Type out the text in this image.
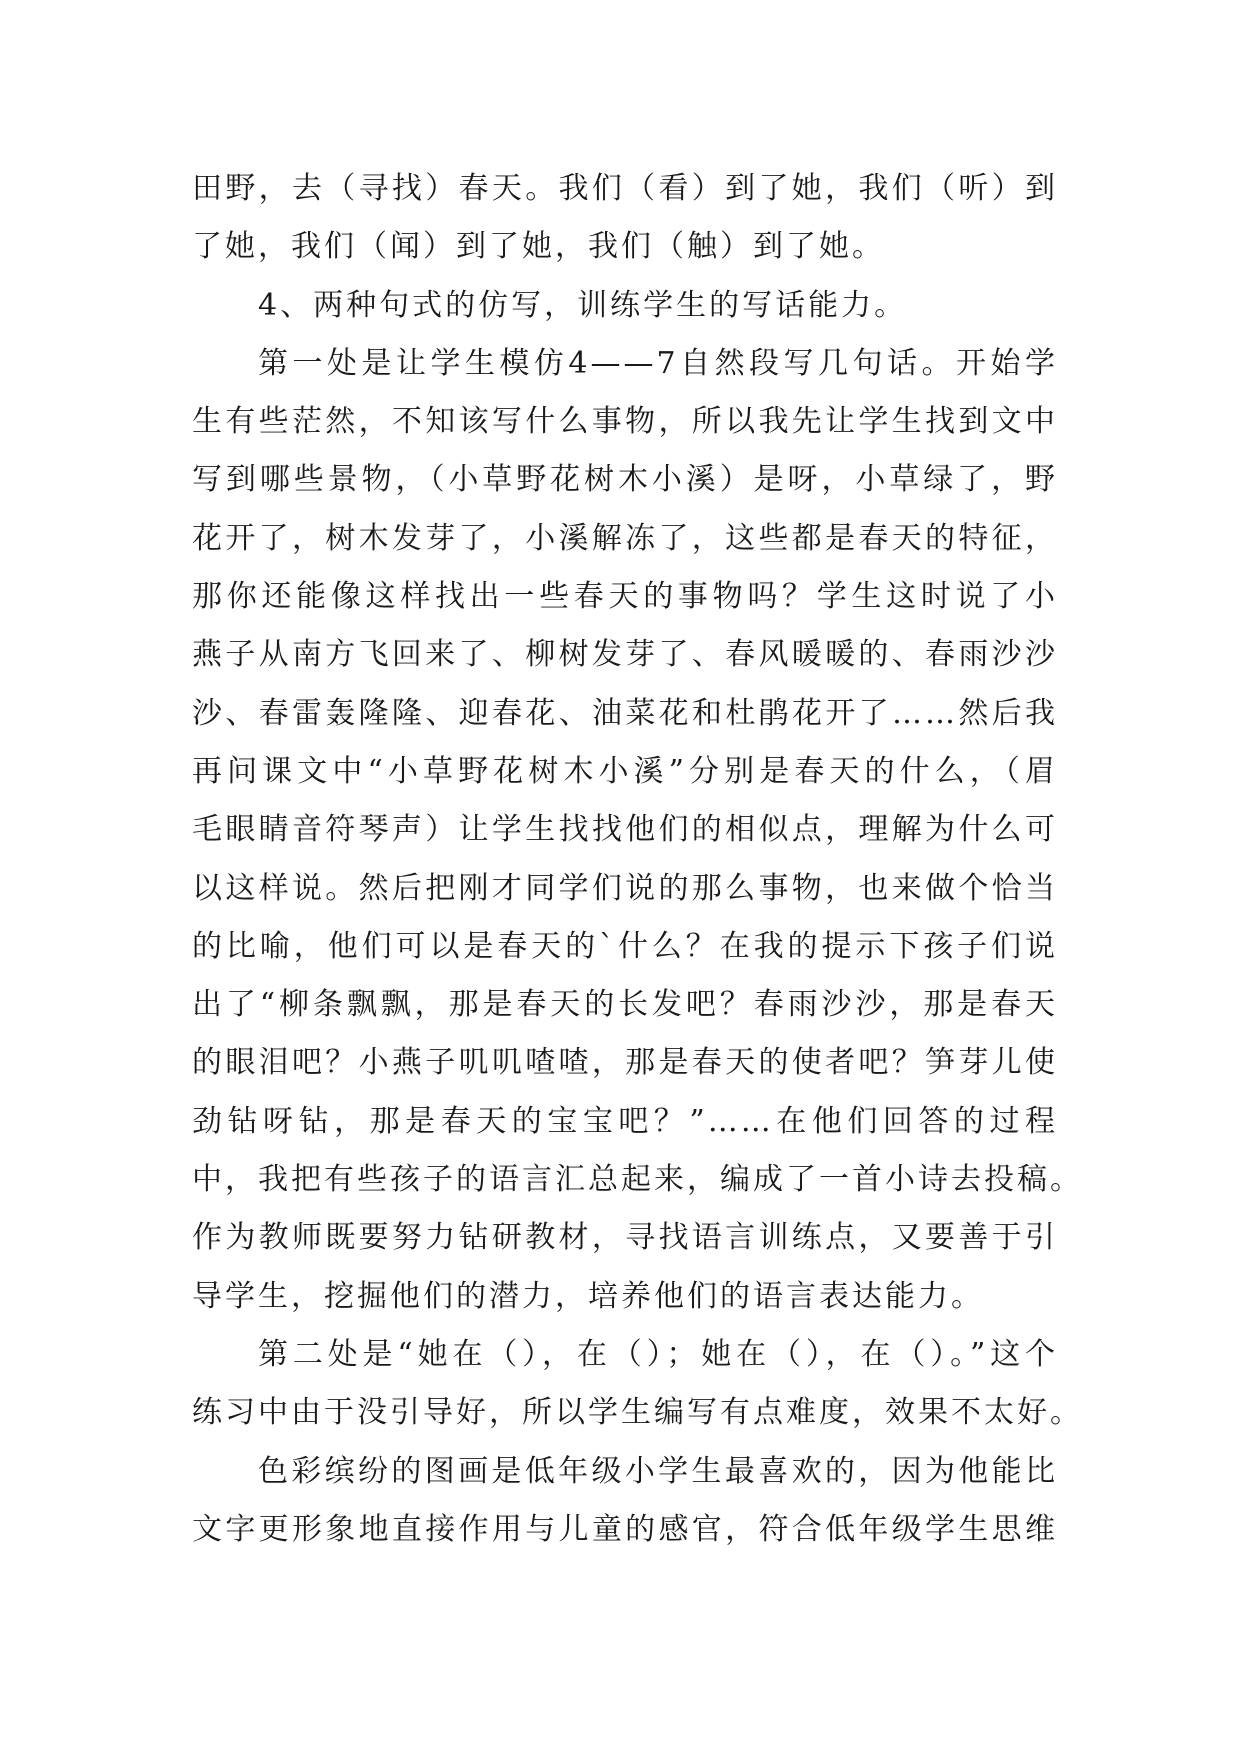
田野，去（寻找）春天。我们（看）到了她，我们（听）到
了她，我们（闻）到了她，我们（触）到了她。
4、两种句式的仿写，训练学生的写话能力。
第一处是让学生模仿4——7自然段写几句话。开始学
生有些茫然，不知该写什么事物，所以我先让学生找到文中
写到哪些景物，（小草野花树木小溪）是呀，小草绿了，野
花开了，树木发芽了，小溪解冻了，这些都是春天的特征，
那你还能像这样找出一些春天的事物吗？学生这时说了小
燕子从南方飞回来了、柳树发芽了、春风暖暖的、春雨沙沙
沙、春雷轰隆隆、迎春花、油菜花和杜鹃花开了……然后我
再问课文中“小草野花树木小溪”分别是春天的什么，（眉
毛眼睛音符琴声）让学生找找他们的相似点，理解为什么可
以这样说。然后把刚才同学们说的那么事物，也来做个恰当
的比喻，他们可以是春天的`什么？在我的提示下孩子们说
出了“柳条飘飘，那是春天的长发吧？春雨沙沙，那是春天
的眼泪吧？小燕子叽叽喳喳，那是春天的使者吧？笋芽儿使
劲钻呀钻，那是春天的宝宝吧？”……在他们回答的过程
中，我把有些孩子的语言汇总起来，编成了一首小诗去投稿。
作为教师既要努力钻研教材，寻找语言训练点，又要善于引
导学生，挖掘他们的潜力，培养他们的语言表达能力。
第二处是“她在（），在（）；她在（），在（）。”这个
练习中由于没引导好，所以学生编写有点难度，效果不太好。
色彩缤纷的图画是低年级小学生最喜欢的，因为他能比
文字更形象地直接作用与儿童的感官，符合低年级学生思维
